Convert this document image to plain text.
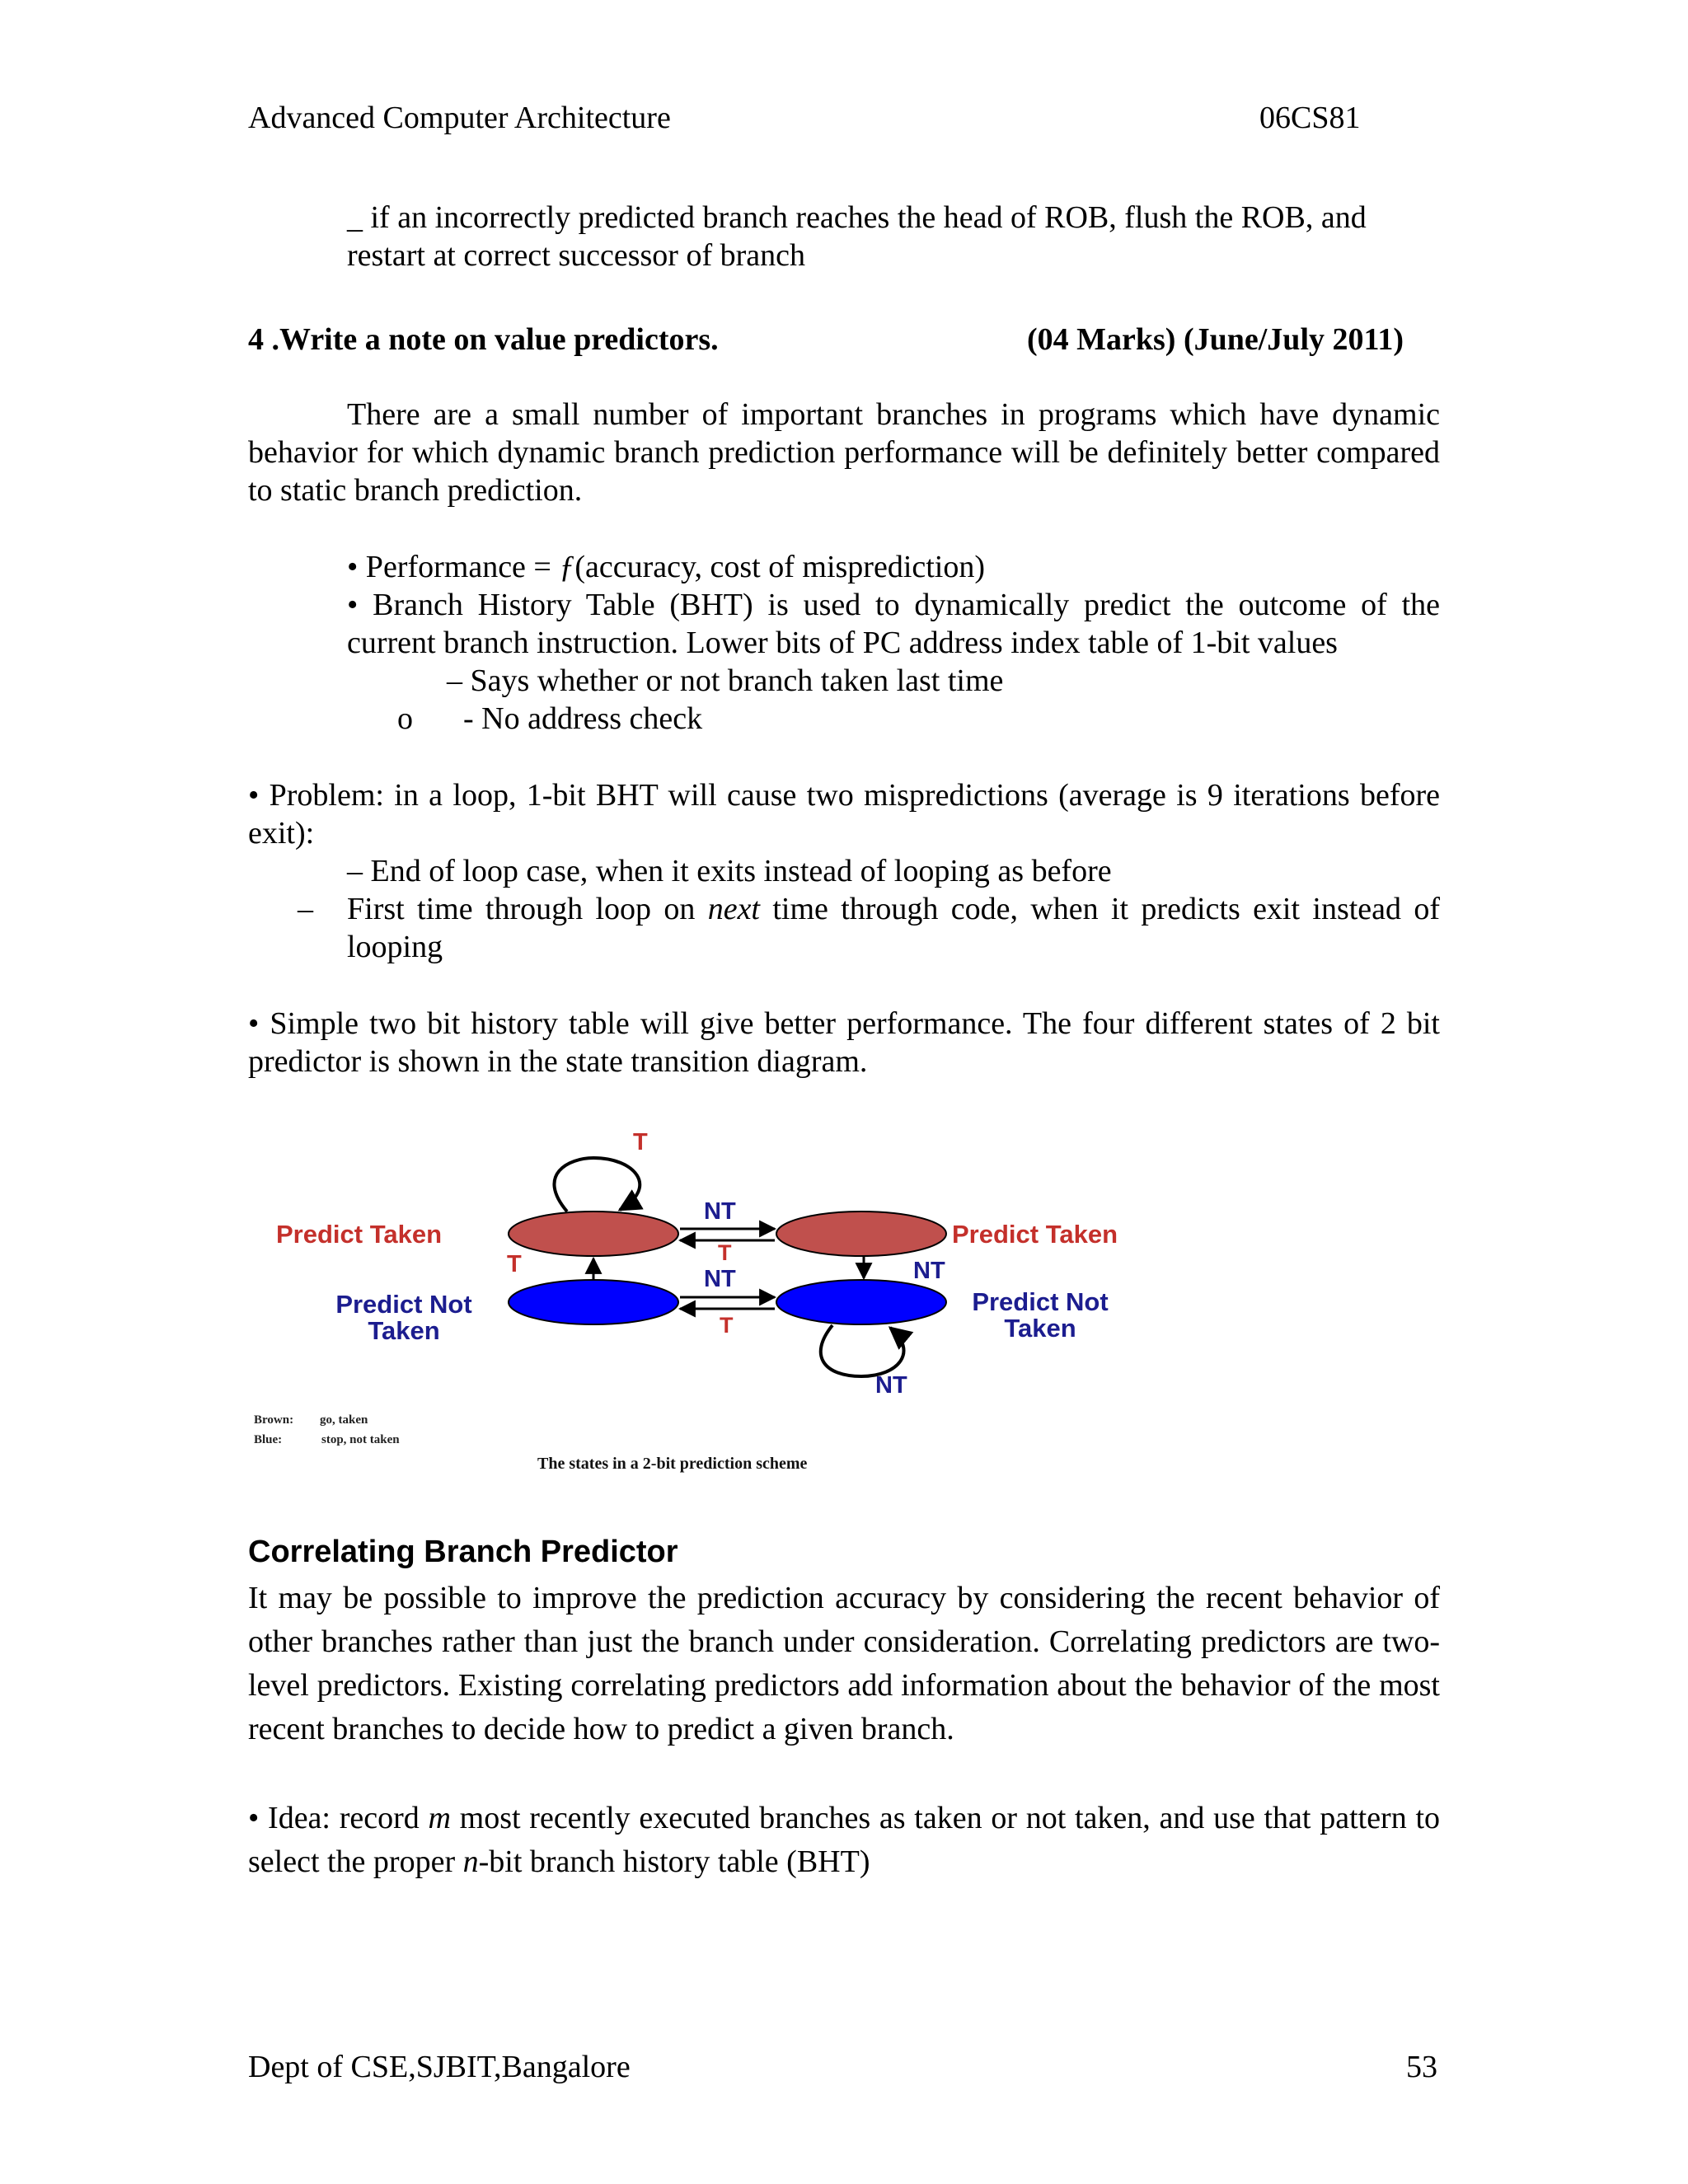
Advanced Computer Architecture	06CS81
_ if an incorrectly predicted branch reaches the head of ROB, flush the ROB, and
restart at correct successor of branch
4 .Write a note on value predictors.	(04 Marks) (June/July 2011)

There are a small number of important branches in programs which have dynamic behavior for which dynamic branch prediction performance will be definitely better compared to static branch prediction.

• Performance = ƒ(accuracy, cost of misprediction)

• Branch History Table (BHT) is used to dynamically predict the outcome of the current branch instruction. Lower bits of PC address index table of 1-bit values

– Says whether or not branch taken last time
o - No address check

• Problem: in a loop, 1-bit BHT will cause two mispredictions (average is 9 iterations before exit):

– End of loop case, when it exits instead of looping as before
– First time through loop on next time through code, when it predicts exit instead of looping

• Simple two bit history table will give better performance. The four different states of 2 bit predictor is shown in the state transition diagram.

Predict Taken	Predict Taken
Predict Not
Taken
Predict Not
Taken
T
NT
T
NT
T	NT
T
NT
Brown: go, taken
Blue:	stop, not taken
The states in a 2-bit prediction scheme
Correlating Branch Predictor

It may be possible to improve the prediction accuracy by considering the recent behavior of other branches rather than just the branch under consideration. Correlating predictors are two-level predictors. Existing correlating predictors add information about the behavior of the most recent branches to decide how to predict a given branch.

• Idea: record m most recently executed branches as taken or not taken, and use that pattern to select the proper n-bit branch history table (BHT)

Dept of CSE,SJBIT,Bangalore	53
